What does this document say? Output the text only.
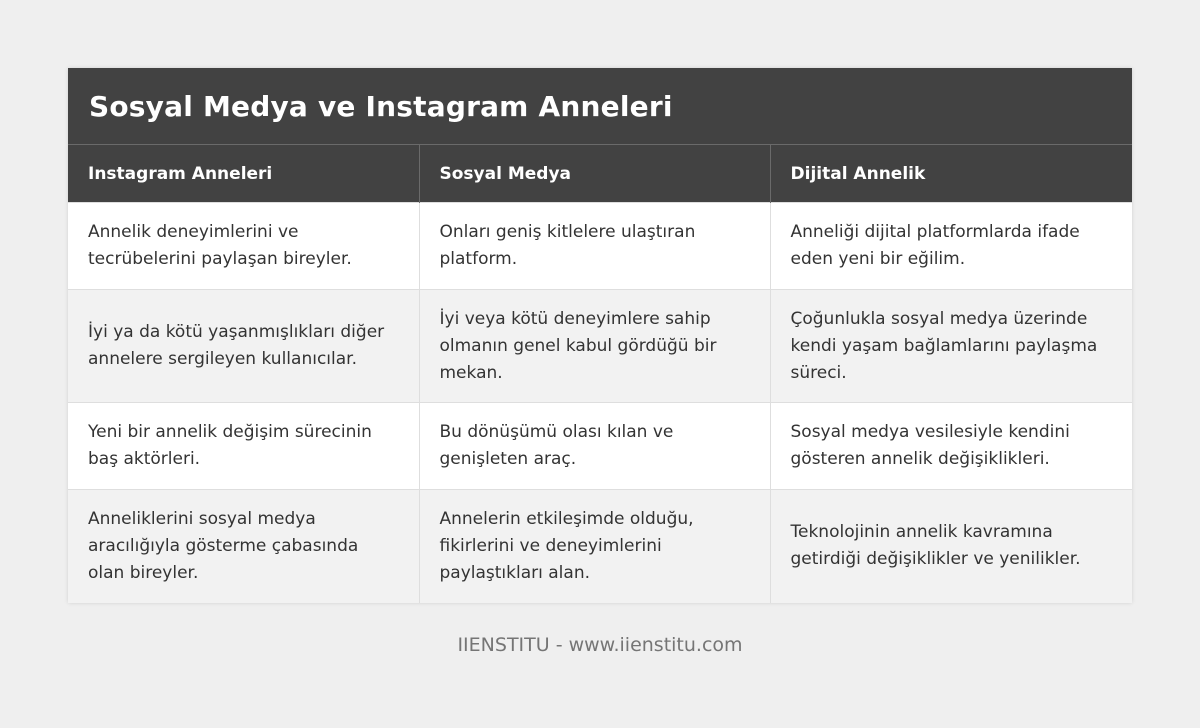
Sosyal Medya ve Instagram Anneleri
Instagram Anneleri	Sosyal Medya	Dijital Annelik
Annelik deneyimlerini ve tecrübelerini paylaşan bireyler.	Onları geniş kitlelere ulaştıran platform.	Anneliği dijital platformlarda ifade eden yeni bir eğilim.
İyi ya da kötü yaşanmışlıkları diğer annelere sergileyen kullanıcılar.	İyi veya kötü deneyimlere sahip olmanın genel kabul gördüğü bir mekan.	Çoğunlukla sosyal medya üzerinde kendi yaşam bağlamlarını paylaşma süreci.
Yeni bir annelik değişim sürecinin baş aktörleri.	Bu dönüşümü olası kılan ve genişleten araç.	Sosyal medya vesilesiyle kendini gösteren annelik değişiklikleri.
Anneliklerini sosyal medya aracılığıyla gösterme çabasında olan bireyler.	Annelerin etkileşimde olduğu, fikirlerini ve deneyimlerini paylaştıkları alan.	Teknolojinin annelik kavramına getirdiği değişiklikler ve yenilikler.
IIENSTITU - www.iienstitu.com
